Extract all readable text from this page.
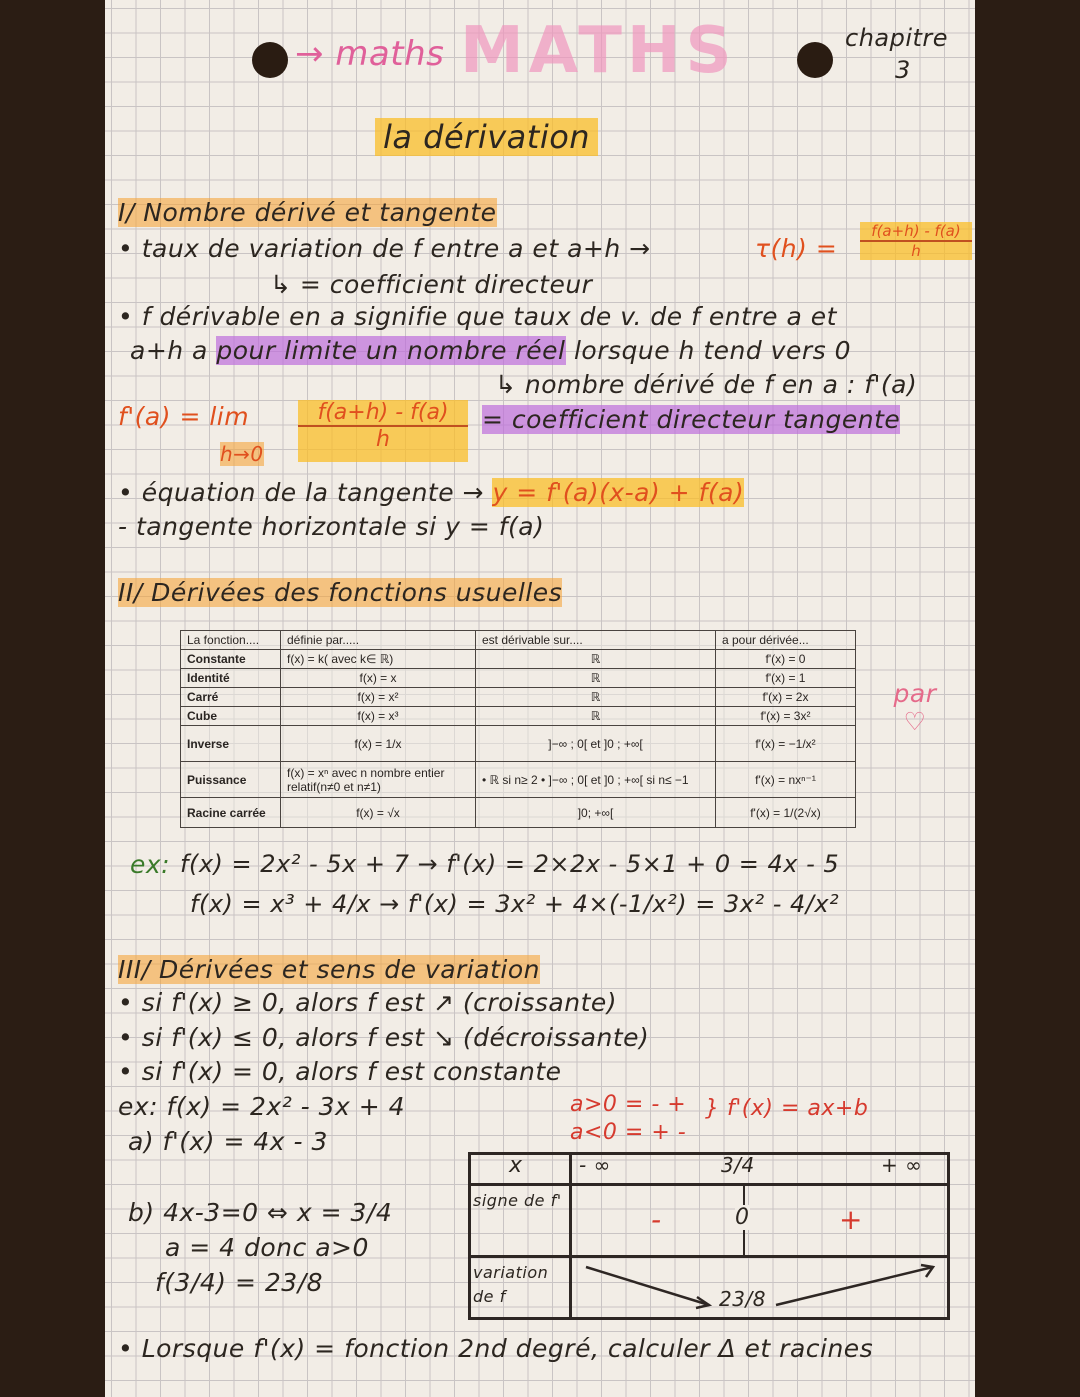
→ maths MATHS	chapitre
3
la dérivation
I/ Nombre dérivé et tangente
• taux de variation de f entre a et a+h →	$\tau(h) = \frac{f(a+h) - f(a)}{h}$
↳ = coefficient directeur
• f dérivable en a signifie que taux de v. de f entre a et
a+h a pour limite un nombre réel lorsque h tend vers 0
↳ nombre dérivé de f en a : f'(a)
f'(a) = lim
$h\to 0 \frac{f(a+h) - f(a)}{h}$ = coefficient directeur tangente
• équation de la tangente → y = f'(a)(x-a) + f(a)
- tangente horizontale si y = f(a)
II/ Dérivées des fonctions usuelles
La fonction....	définie par.....	est dérivable sur....	a pour dérivée...
Constante	f(x) = k( avec k∈ ℝ)	ℝ	f'(x) = 0
Identité	f(x) = x	ℝ	f'(x) = 1
Carré	f(x) = x²	ℝ	f'(x) = 2x
Cube	f(x) = x³	ℝ	f'(x) = 3x²
Inverse	f(x) = 1/x	]−∞ ; 0[ et ]0 ; +∞[	f'(x) = −1/x²
Puissance	f(x) = xⁿ avec n nombre entier relatif(n≠0 et n≠1)	• ℝ si n≥ 2 • ]−∞ ; 0[ et ]0 ; +∞[ si n≤ −1	f'(x) = nxⁿ⁻¹
Racine carrée	f(x) = √x	]0; +∞[	f'(x) = 1/(2√x)
par ♡
ex: f(x) = 2x² - 5x + 7 → f'(x) = 2×2x - 5×1 + 0 = 4x - 5
f(x) = x³ + 4/x → f'(x) = 3x² + 4×(-1/x²) = 3x² - 4/x²
III/ Dérivées et sens de variation
• si f'(x) ≥ 0, alors f est ↗ (croissante)
• si f'(x) ≤ 0, alors f est ↘ (décroissante)
• si f'(x) = 0, alors f est constante
ex: f(x) = 2x² - 3x + 4	a>0 = - +
a<0 = + -
} f'(x) = ax+b
a) f'(x) = 4x - 3
b) 4x-3=0 ⇔ x = 3/4
a = 4 donc a>0
f(3/4) = 23/8
x	- ∞	3/4	+ ∞
signe de f'
-	0	+
variation de f	23/8
• Lorsque f'(x) = fonction 2nd degré, calculer Δ et racines
